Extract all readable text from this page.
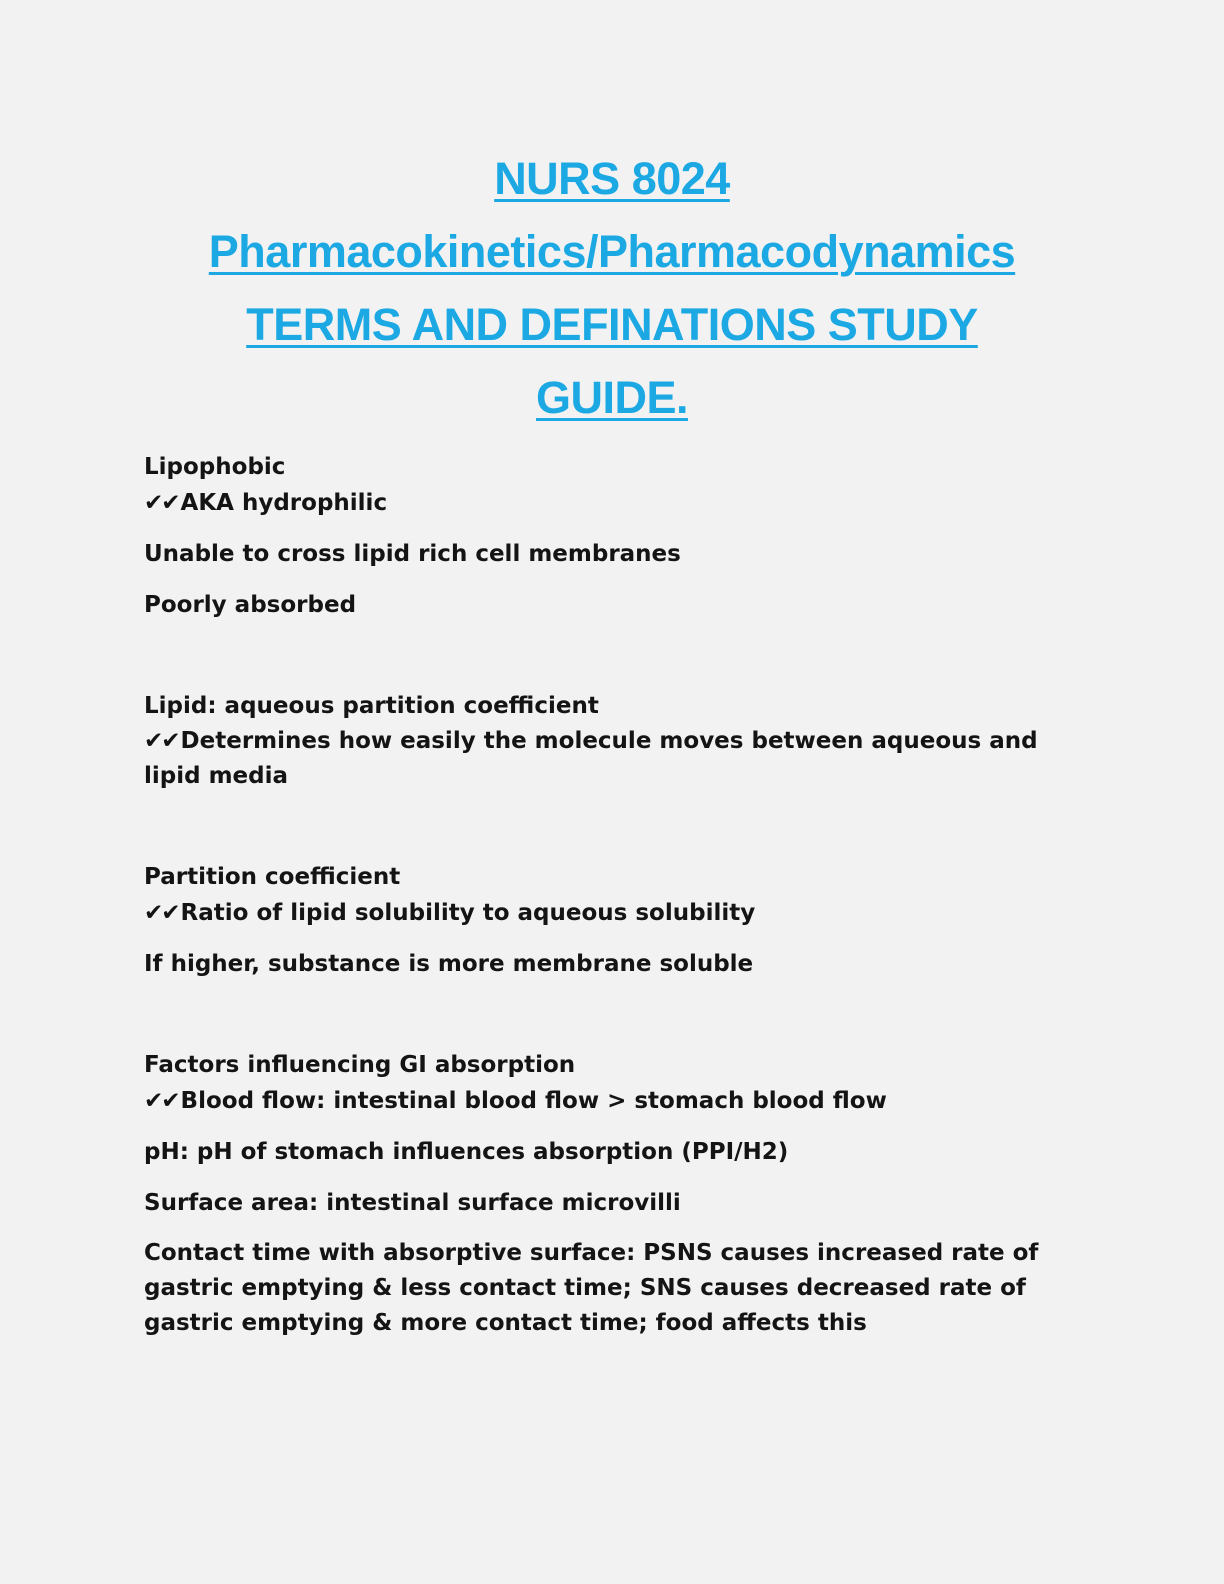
NURS 8024
Pharmacokinetics/Pharmacodynamics
TERMS AND DEFINATIONS STUDY
GUIDE.

Lipophobic

✔✔AKA hydrophilic

Unable to cross lipid rich cell membranes

Poorly absorbed

Lipid: aqueous partition coefficient

✔✔Determines how easily the molecule moves between aqueous and lipid media

Partition coefficient

✔✔Ratio of lipid solubility to aqueous solubility

If higher, substance is more membrane soluble

Factors influencing GI absorption

✔✔Blood flow: intestinal blood flow > stomach blood flow

pH: pH of stomach influences absorption (PPI/H2)

Surface area: intestinal surface microvilli

Contact time with absorptive surface: PSNS causes increased rate of gastric emptying & less contact time; SNS causes decreased rate of gastric emptying & more contact time; food affects this
